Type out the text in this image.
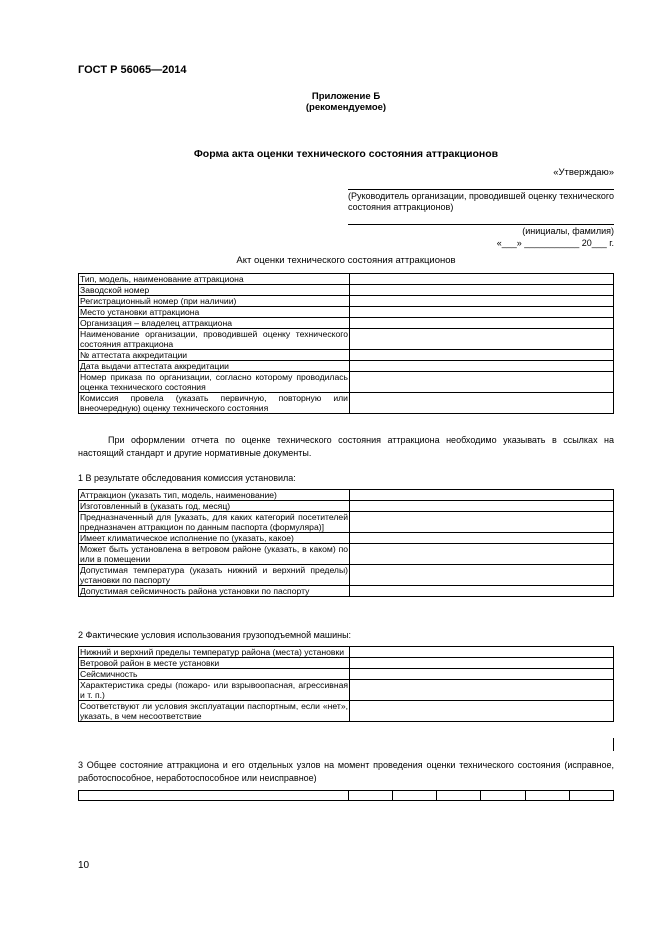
ГОСТ Р 56065—2014
Приложение Б
(рекомендуемое)
Форма акта оценки технического состояния аттракционов
«Утверждаю»
(Руководитель организации, проводившей оценку технического состояния аттракционов)
(инициалы, фамилия)
«___» ___________ 20___ г.
Акт оценки технического состояния аттракционов
Тип, модель, наименование аттракциона	
Заводской номер	
Регистрационный номер (при наличии)	
Место установки аттракциона	
Организация – владелец аттракциона	
Наименование организации, проводившей оценку технического состояния аттракциона	
№ аттестата аккредитации	
Дата выдачи аттестата аккредитации	
Номер приказа по организации, согласно которому проводилась оценка технического состояния	
Комиссия провела (указать первичную, повторную или внеочередную) оценку технического состояния	
При оформлении отчета по оценке технического состояния аттракциона необходимо указывать в ссылках на настоящий стандарт и другие нормативные документы.
1 В результате обследования комиссия установила:
Аттракцион (указать тип, модель, наименование)	
Изготовленный в (указать год, месяц)	
Предназначенный для [указать, для каких категорий посетителей предназначен аттракцион по данным паспорта (формуляра)]	
Имеет климатическое исполнение по (указать, какое)	
Может быть установлена в ветровом районе (указать, в каком) по или в помещении	
Допустимая температура (указать нижний и верхний пределы) установки по паспорту	
Допустимая сейсмичность района установки по паспорту	
2 Фактические условия использования грузоподъемной машины:
Нижний и верхний пределы температур района (места) установки	
Ветровой район в месте установки	
Сейсмичность	
Характеристика среды (пожаро- или взрывоопасная, агрессивная и т. п.)	
Соответствуют ли условия эксплуатации паспортным, если «нет», указать, в чем несоответствие	
3 Общее состояние аттракциона и его отдельных узлов на момент проведения оценки технического состояния (исправное, работоспособное, неработоспособное или неисправное)

10
